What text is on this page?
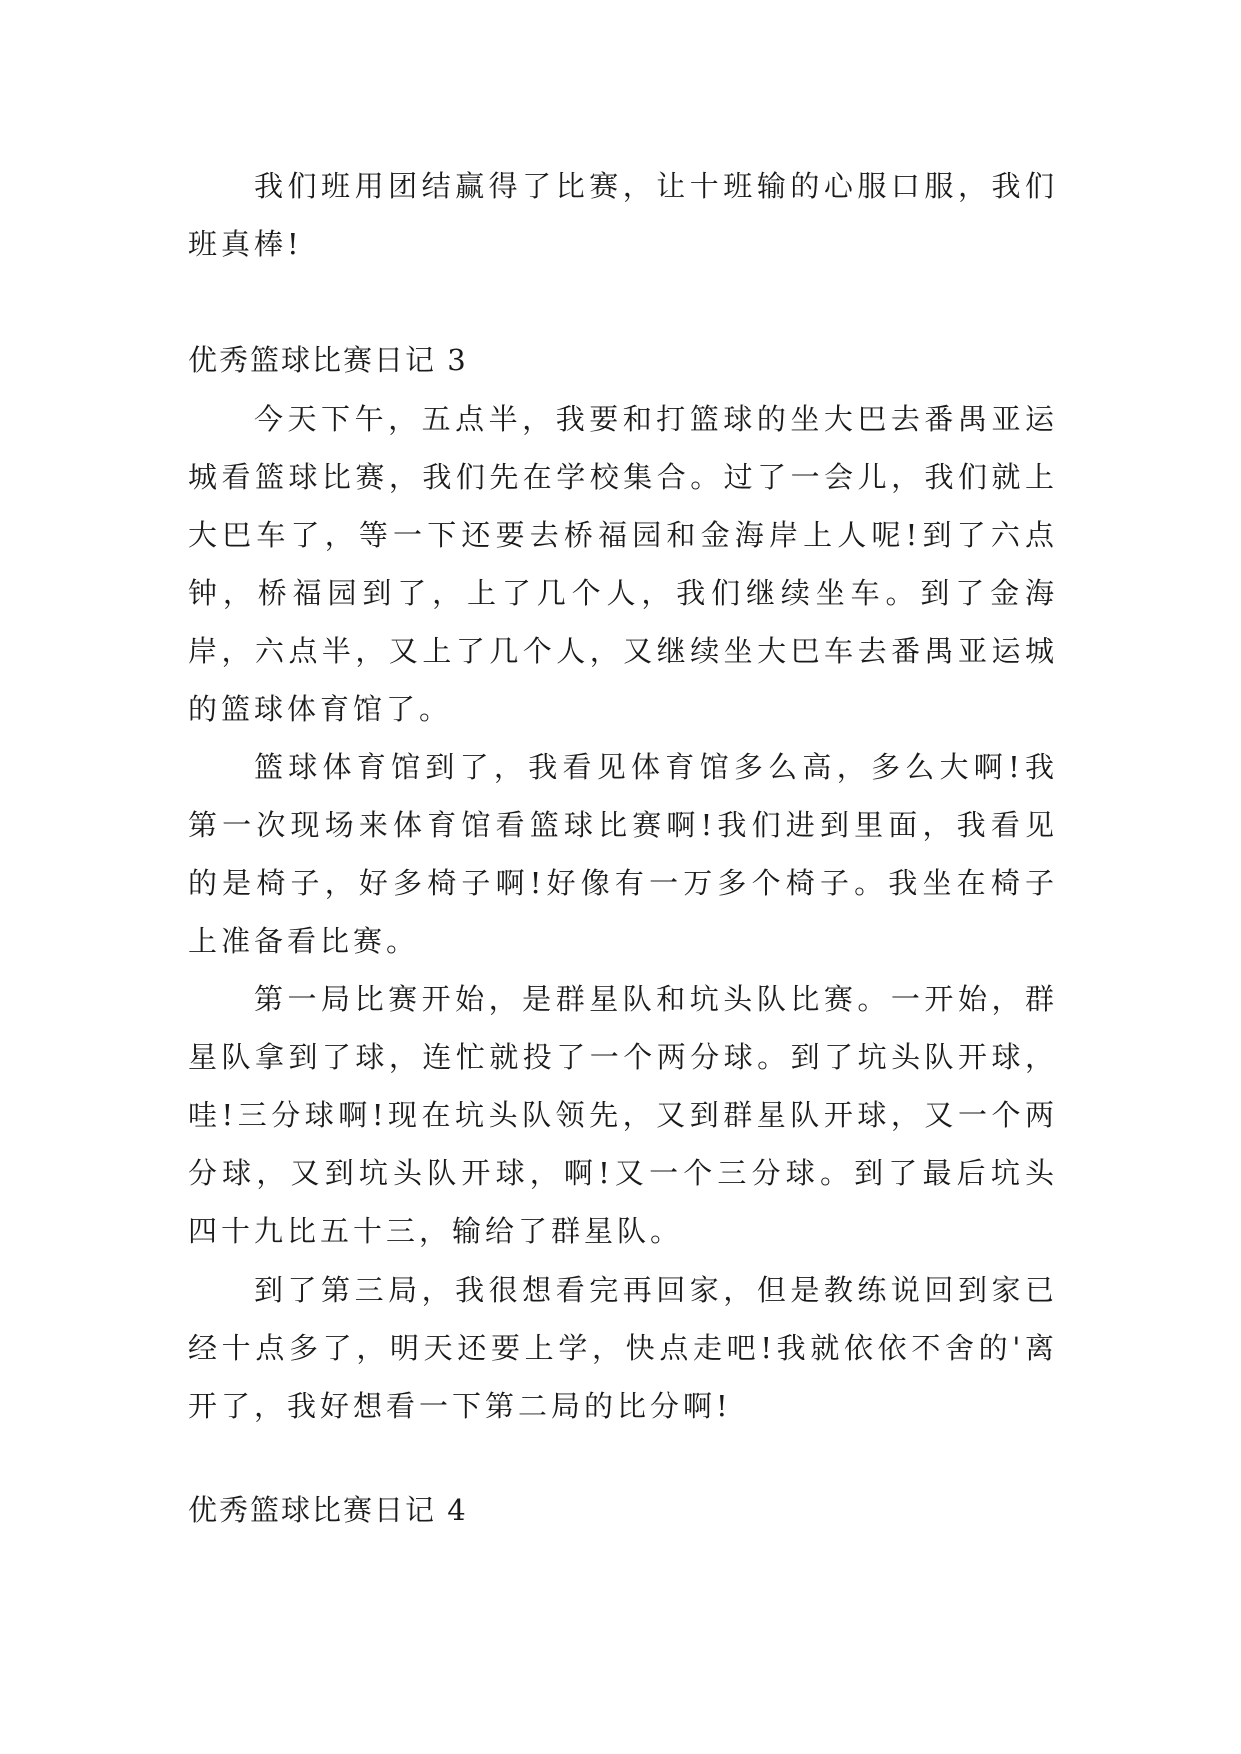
我们班用团结赢得了比赛，让十班输的心服口服，我们班真棒!

优秀篮球比赛日记 3

今天下午，五点半，我要和打篮球的坐大巴去番禺亚运城看篮球比赛，我们先在学校集合。过了一会儿，我们就上大巴车了，等一下还要去桥福园和金海岸上人呢!到了六点钟，桥福园到了，上了几个人，我们继续坐车。到了金海岸，六点半，又上了几个人，又继续坐大巴车去番禺亚运城的篮球体育馆了。

篮球体育馆到了，我看见体育馆多么高，多么大啊!我第一次现场来体育馆看篮球比赛啊!我们进到里面，我看见的是椅子，好多椅子啊!好像有一万多个椅子。我坐在椅子上准备看比赛。

第一局比赛开始，是群星队和坑头队比赛。一开始，群星队拿到了球，连忙就投了一个两分球。到了坑头队开球，哇!三分球啊!现在坑头队领先，又到群星队开球，又一个两分球，又到坑头队开球，啊!又一个三分球。到了最后坑头四十九比五十三，输给了群星队。

到了第三局，我很想看完再回家，但是教练说回到家已经十点多了，明天还要上学，快点走吧!我就依依不舍的'离开了，我好想看一下第二局的比分啊!

优秀篮球比赛日记 4
